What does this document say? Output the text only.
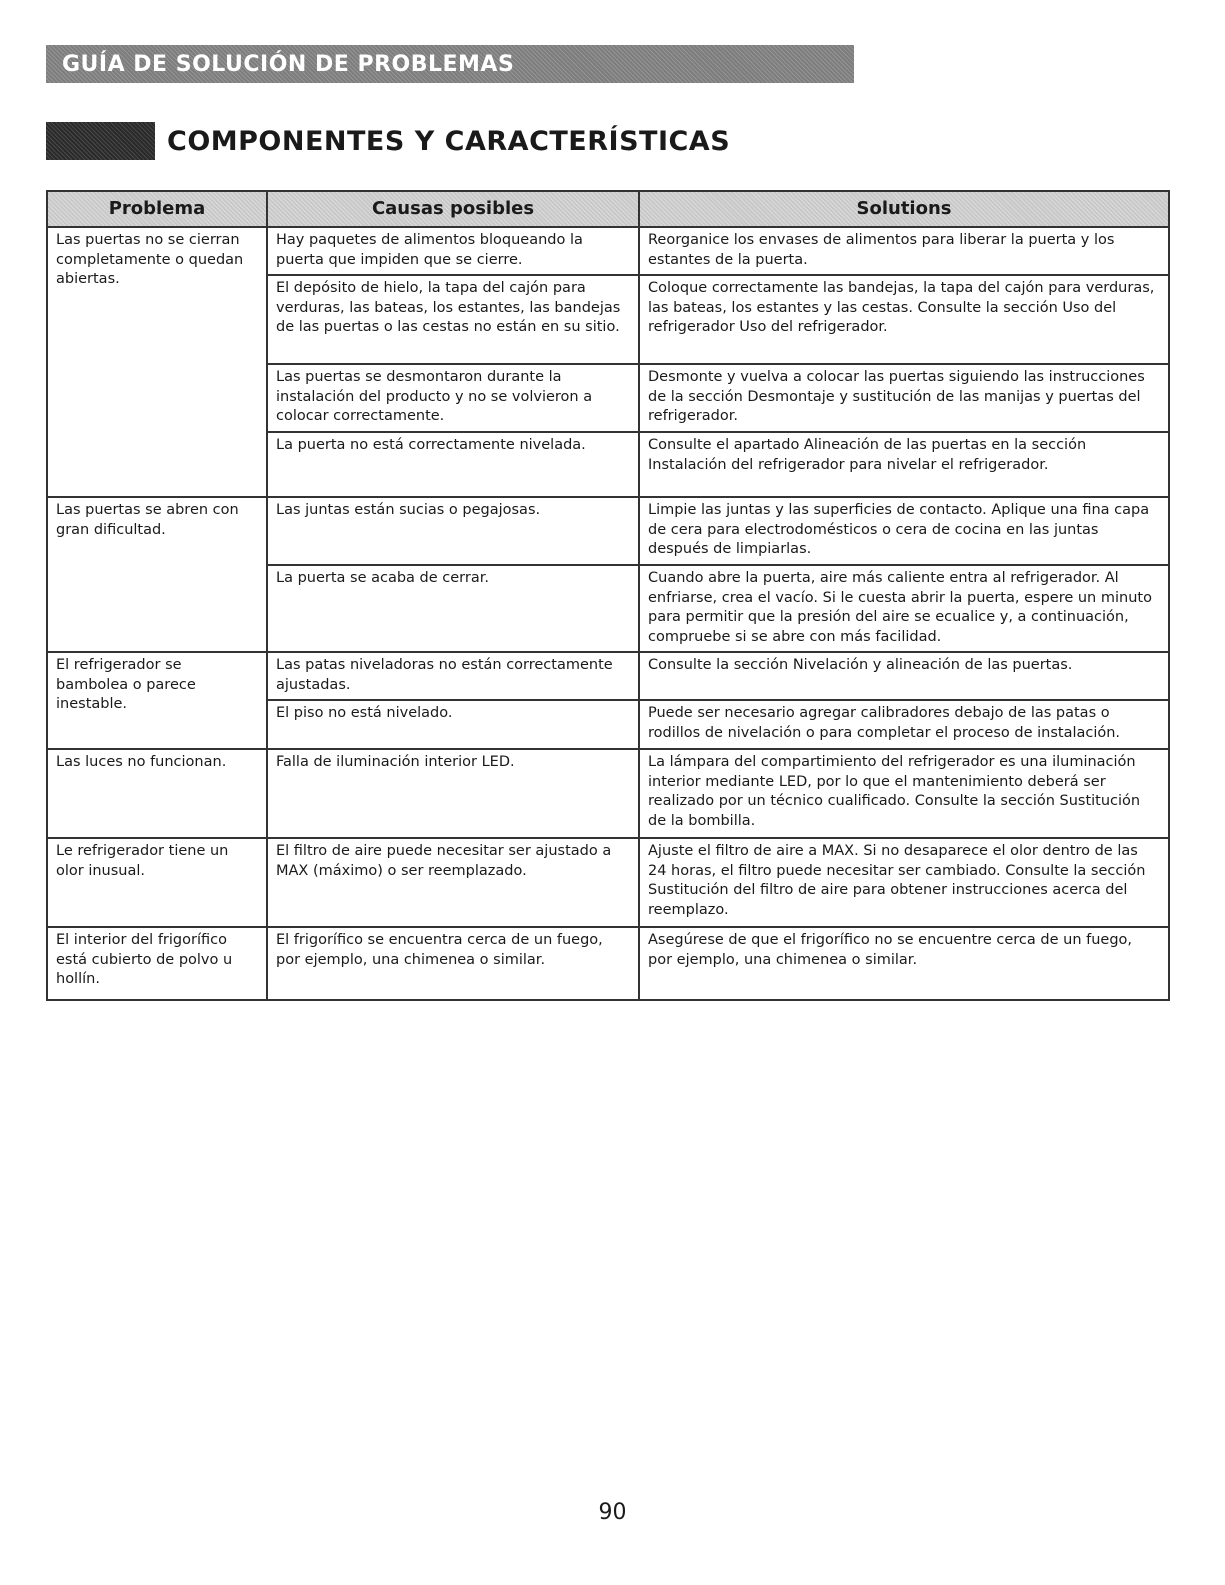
GUÍA DE SOLUCIÓN DE PROBLEMAS
COMPONENTES Y CARACTERÍSTICAS
Problema	Causas posibles	Solutions
Las puertas no se cierran completamente o quedan abiertas.	Hay paquetes de alimentos bloqueando la puerta que impiden que se cierre.	Reorganice los envases de alimentos para liberar la puerta y los estantes de la puerta.
	El depósito de hielo, la tapa del cajón para verduras, las bateas, los estantes, las bandejas de las puertas o las cestas no están en su sitio.	Coloque correctamente las bandejas, la tapa del cajón para verduras, las bateas, los estantes y las cestas. Consulte la sección Uso del refrigerador Uso del refrigerador.
	Las puertas se desmontaron durante la instalación del producto y no se volvieron a colocar correctamente.	Desmonte y vuelva a colocar las puertas siguiendo las instrucciones de la sección Desmontaje y sustitución de las manijas y puertas del refrigerador.
	La puerta no está correctamente nivelada.	Consulte el apartado Alineación de las puertas en la sección Instalación del refrigerador para nivelar el refrigerador.
Las puertas se abren con gran dificultad.	Las juntas están sucias o pegajosas.	Limpie las juntas y las superficies de contacto. Aplique una fina capa de cera para electrodomésticos o cera de cocina en las juntas después de limpiarlas.
	La puerta se acaba de cerrar.	Cuando abre la puerta, aire más caliente entra al refrigerador. Al enfriarse, crea el vacío. Si le cuesta abrir la puerta, espere un minuto para permitir que la presión del aire se ecualice y, a continuación, compruebe si se abre con más facilidad.
El refrigerador se bambolea o parece inestable.	Las patas niveladoras no están correctamente ajustadas.	Consulte la sección Nivelación y alineación de las puertas.
	El piso no está nivelado.	Puede ser necesario agregar calibradores debajo de las patas o rodillos de nivelación o para completar el proceso de instalación.
Las luces no funcionan.	Falla de iluminación interior LED.	La lámpara del compartimiento del refrigerador es una iluminación interior mediante LED, por lo que el mantenimiento deberá ser realizado por un técnico cualificado. Consulte la sección Sustitución de la bombilla.
Le refrigerador tiene un olor inusual.	El filtro de aire puede necesitar ser ajustado a MAX (máximo) o ser reemplazado.	Ajuste el filtro de aire a MAX. Si no desaparece el olor dentro de las 24 horas, el filtro puede necesitar ser cambiado. Consulte la sección Sustitución del filtro de aire para obtener instrucciones acerca del reemplazo.
El interior del frigorífico está cubierto de polvo u hollín.	El frigorífico se encuentra cerca de un fuego, por ejemplo, una chimenea o similar.	Asegúrese de que el frigorífico no se encuentre cerca de un fuego, por ejemplo, una chimenea o similar.
90
